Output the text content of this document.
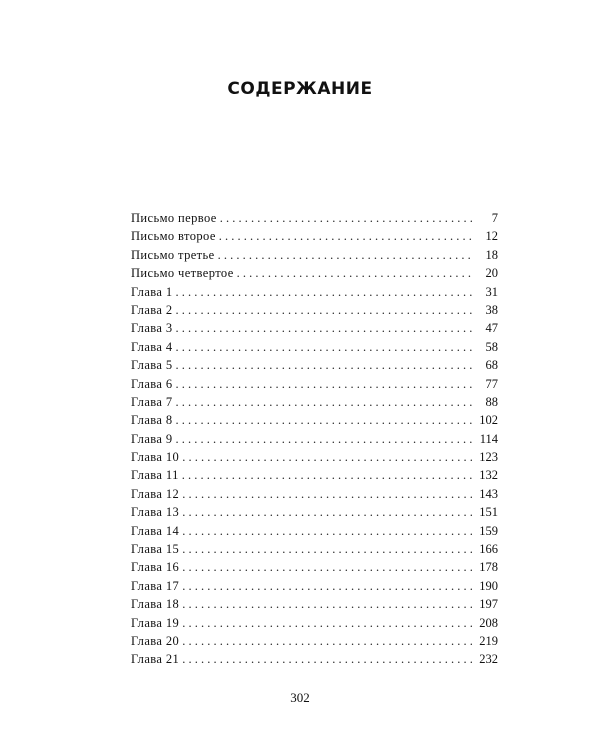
СОДЕРЖАНИЕ
Письмо первое . . .	7
Письмо второе . . .	12
Письмо третье . . .	18
Письмо четвертое . . .	20
Глава 1 . . .	31
Глава 2 . . .	38
Глава 3 . . .	47
Глава 4 . . .	58
Глава 5 . . .	68
Глава 6 . . .	77
Глава 7 . . .	88
Глава 8 . . .	102
Глава 9 . . .	114
Глава 10 . . .	123
Глава 11 . . .	132
Глава 12 . . .	143
Глава 13 . . .	151
Глава 14 . . .	159
Глава 15 . . .	166
Глава 16 . . .	178
Глава 17 . . .	190
Глава 18 . . .	197
Глава 19 . . .	208
Глава 20 . . .	219
Глава 21 . . .	232
302
